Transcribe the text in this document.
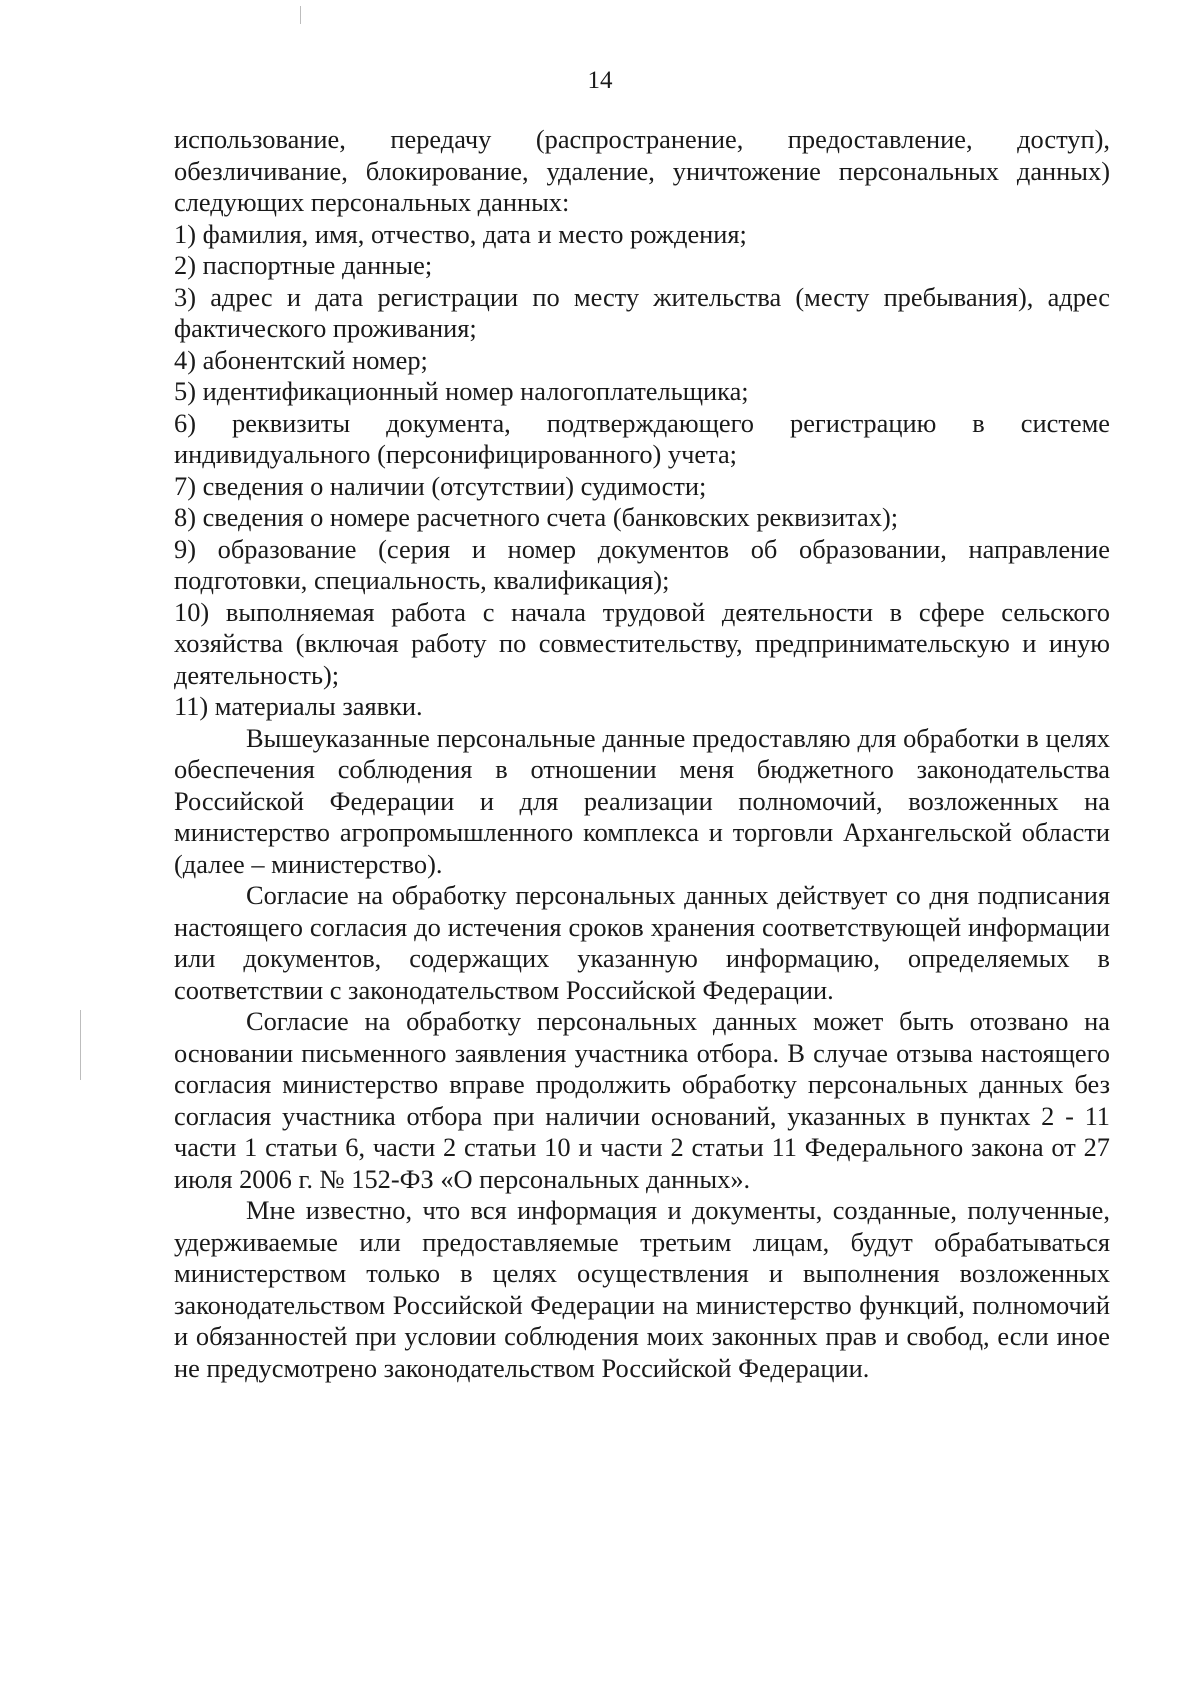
14

использование, передачу (распространение, предоставление, доступ), обезличивание, блокирование, удаление, уничтожение персональных данных) следующих персональных данных:

1) фамилия, имя, отчество, дата и место рождения;

2) паспортные данные;

3) адрес и дата регистрации по месту жительства (месту пребывания), адрес фактического проживания;

4) абонентский номер;

5) идентификационный номер налогоплательщика;

6) реквизиты документа, подтверждающего регистрацию в системе индивидуального (персонифицированного) учета;

7) сведения о наличии (отсутствии) судимости;

8) сведения о номере расчетного счета (банковских реквизитах);

9) образование (серия и номер документов об образовании, направление подготовки, специальность, квалификация);

10) выполняемая работа с начала трудовой деятельности в сфере сельского хозяйства (включая работу по совместительству, предпринимательскую и иную деятельность);

11) материалы заявки.

Вышеуказанные персональные данные предоставляю для обработки в целях обеспечения соблюдения в отношении меня бюджетного законодательства Российской Федерации и для реализации полномочий, возложенных на министерство агропромышленного комплекса и торговли Архангельской области (далее – министерство).

Согласие на обработку персональных данных действует со дня подписания настоящего согласия до истечения сроков хранения соответствующей информации или документов, содержащих указанную информацию, определяемых в соответствии с законодательством Российской Федерации.

Согласие на обработку персональных данных может быть отозвано на основании письменного заявления участника отбора. В случае отзыва настоящего согласия министерство вправе продолжить обработку персональных данных без согласия участника отбора при наличии оснований, указанных в пунктах 2 - 11 части 1 статьи 6, части 2 статьи 10 и части 2 статьи 11 Федерального закона от 27 июля 2006 г. № 152-ФЗ «О персональных данных».

Мне известно, что вся информация и документы, созданные, полученные, удерживаемые или предоставляемые третьим лицам, будут обрабатываться министерством только в целях осуществления и выполнения возложенных законодательством Российской Федерации на министерство функций, полномочий и обязанностей при условии соблюдения моих законных прав и свобод, если иное не предусмотрено законодательством Российской Федерации.
